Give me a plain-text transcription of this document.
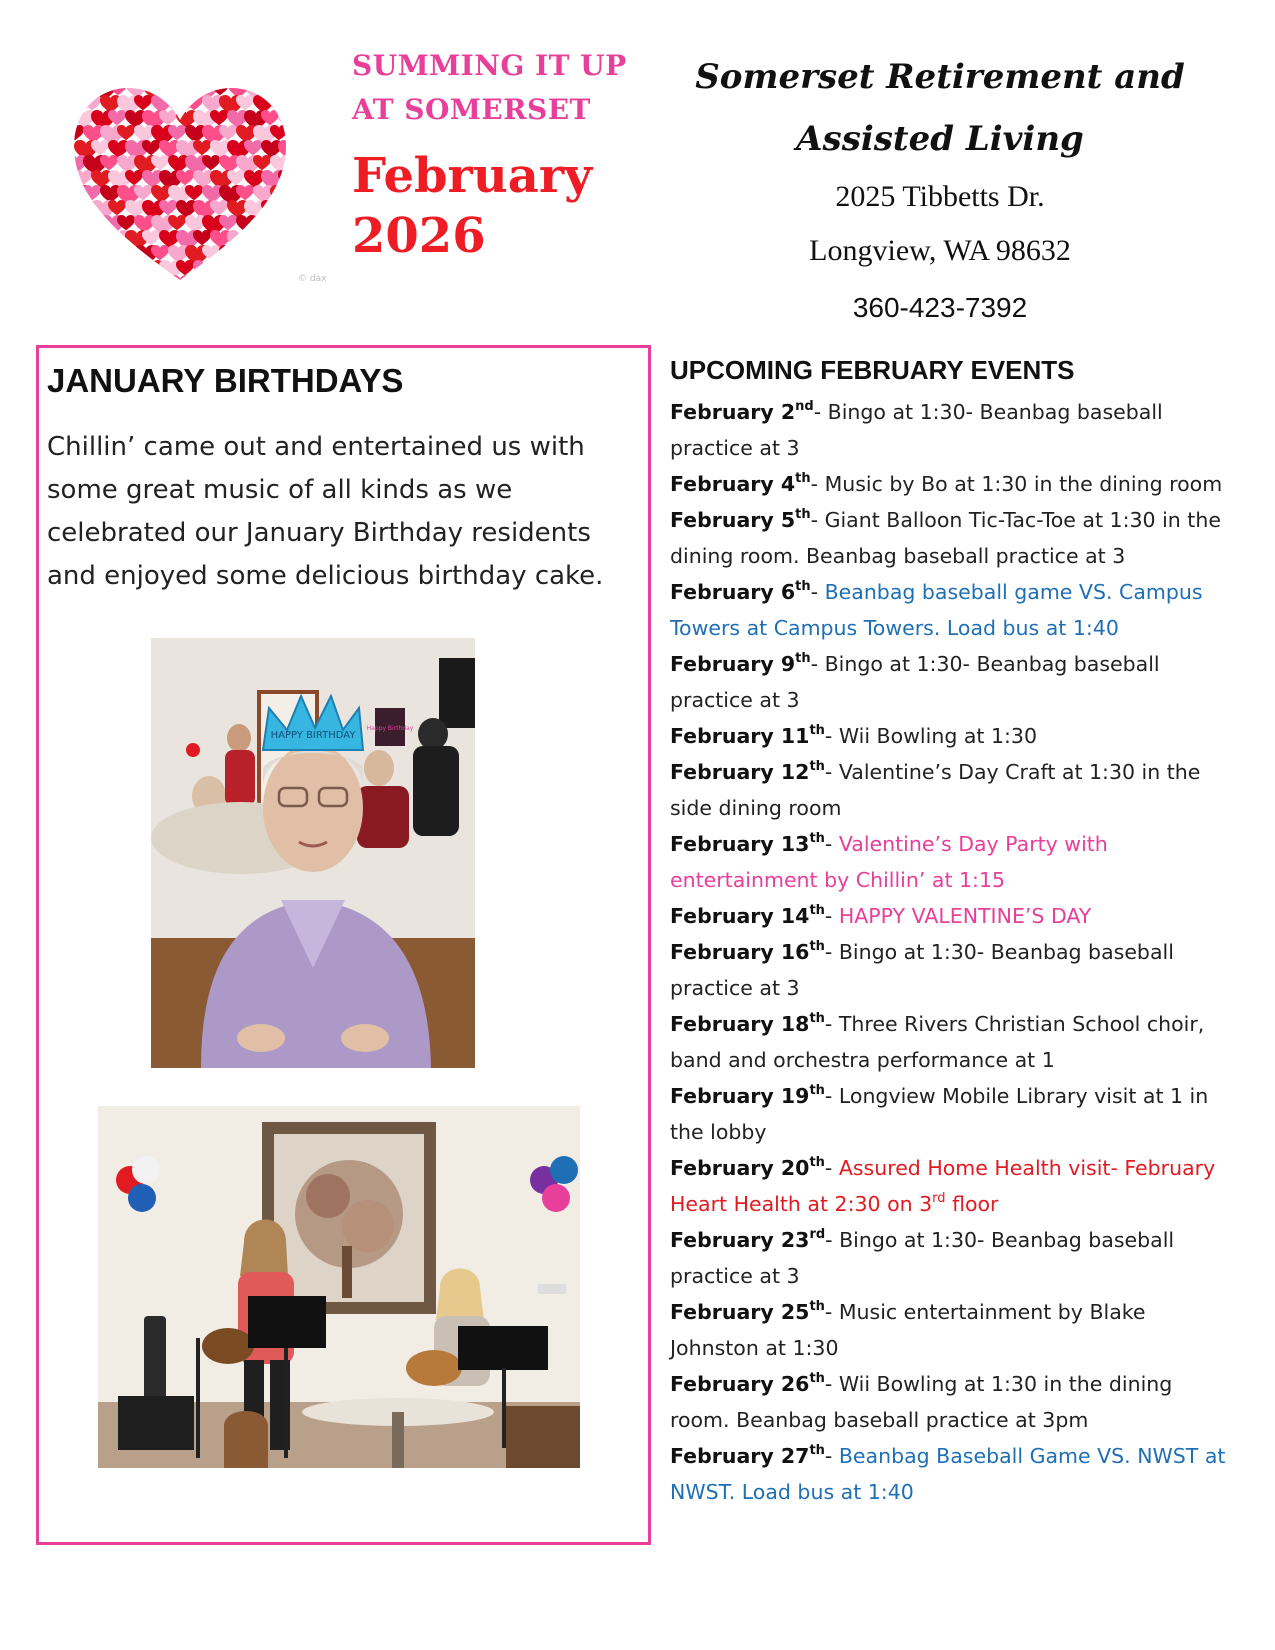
© dax
SUMMING IT UP
AT SOMERSET
February
2026
Somerset Retirement and
Assisted Living
2025 Tibbetts Dr.
Longview, WA 98632
360-423-7392
JANUARY BIRTHDAYS
Chillin’ came out and entertained us with some great music of all kinds as we celebrated our January Birthday residents and enjoyed some delicious birthday cake.
Happy Birthday
HAPPY BIRTHDAY
UPCOMING FEBRUARY EVENTS
February 2nd- Bingo at 1:30- Beanbag baseball practice at 3
February 4th- Music by Bo at 1:30 in the dining room
February 5th- Giant Balloon Tic-Tac-Toe at 1:30 in the dining room. Beanbag baseball practice at 3
February 6th- Beanbag baseball game VS. Campus Towers at Campus Towers. Load bus at 1:40
February 9th- Bingo at 1:30- Beanbag baseball practice at 3
February 11th- Wii Bowling at 1:30
February 12th- Valentine’s Day Craft at 1:30 in the side dining room
February 13th- Valentine’s Day Party with entertainment by Chillin’ at 1:15
February 14th- HAPPY VALENTINE’S DAY
February 16th- Bingo at 1:30- Beanbag baseball practice at 3
February 18th- Three Rivers Christian School choir, band and orchestra performance at 1
February 19th- Longview Mobile Library visit at 1 in the lobby
February 20th- Assured Home Health visit- February Heart Health at 2:30 on 3rd floor
February 23rd- Bingo at 1:30- Beanbag baseball practice at 3
February 25th- Music entertainment by Blake Johnston at 1:30
February 26th- Wii Bowling at 1:30 in the dining room. Beanbag baseball practice at 3pm
February 27th- Beanbag Baseball Game VS. NWST at NWST. Load bus at 1:40
